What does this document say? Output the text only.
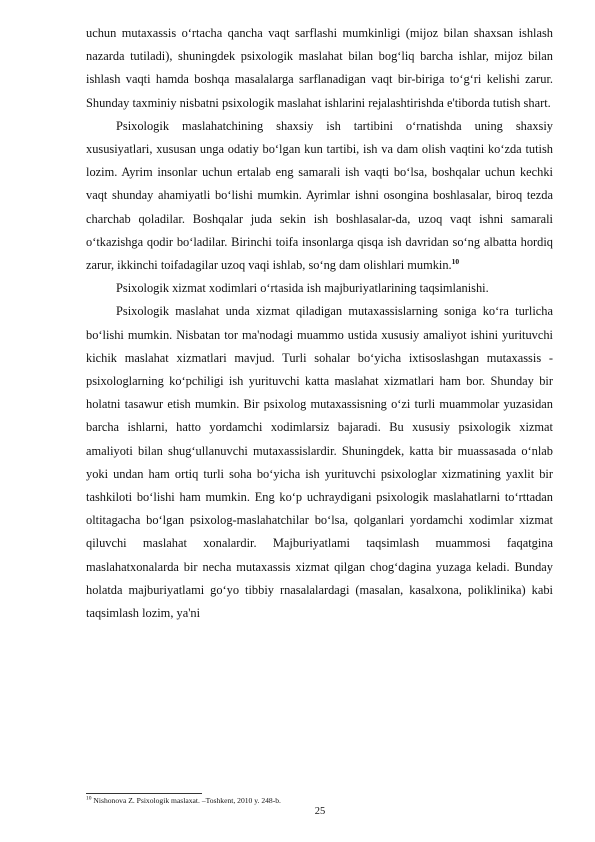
uchun mutaxassis o‘rtacha qancha vaqt sarflashi mumkinligi (mijoz bilan shaxsan ishlash nazarda tutiladi), shuningdek psixologik maslahat bilan bog‘liq barcha ishlar, mijoz bilan ishlash vaqti hamda boshqa masalalarga sarflanadigan vaqt bir-biriga to‘g‘ri kelishi zarur. Shunday taxminiy nisbatni psixologik maslahat ishlarini rejalashtirishda e'tiborda tutish shart.

Psixologik maslahatchining shaxsiy ish tartibini o‘rnatishda uning shaxsiy xususiyatlari, xususan unga odatiy bo‘lgan kun tartibi, ish va dam olish vaqtini ko‘zda tutish lozim. Ayrim insonlar uchun ertalab eng samarali ish vaqti bo‘lsa, boshqalar uchun kechki vaqt shunday ahamiyatli bo‘lishi mumkin. Ayrimlar ishni osongina boshlasalar, biroq tezda charchab qoladilar. Boshqalar juda sekin ish boshlasalar-da, uzoq vaqt ishni samarali o‘tkazishga qodir bo‘ladilar. Birinchi toifa insonlarga qisqa ish davridan so‘ng albatta hordiq zarur, ikkinchi toifadagilar uzoq vaqi ishlab, so‘ng dam olishlari mumkin.$^{10}$

Psixologik xizmat xodimlari o‘rtasida ish majburiyatlarining taqsimlanishi.

Psixologik maslahat unda xizmat qiladigan mutaxassislarning soniga ko‘ra turlicha bo‘lishi mumkin. Nisbatan tor ma'nodagi muammo ustida xususiy amaliyot ishini yurituvchi kichik maslahat xizmatlari mavjud. Turli sohalar bo‘yicha ixtisoslashgan mutaxassis - psixologlarning ko‘pchiligi ish yurituvchi katta maslahat xizmatlari ham bor. Shunday bir holatni tasawur etish mumkin. Bir psixolog mutaxassisning o‘zi turli muammolar yuzasidan barcha ishlarni, hatto yordamchi xodimlarsiz bajaradi. Bu xususiy psixologik xizmat amaliyoti bilan shug‘ullanuvchi mutaxassislardir. Shuningdek, katta bir muassasada o‘nlab yoki undan ham ortiq turli soha bo‘yicha ish yurituvchi psixologlar xizmatining yaxlit bir tashkiloti bo‘lishi ham mumkin. Eng ko‘p uchraydigani psixologik maslahatlarni to‘rttadan oltitagacha bo‘lgan psixolog-maslahatchilar bo‘lsa, qolganlari yordamchi xodimlar xizmat qiluvchi maslahat xonalardir. Majburiyatlami taqsimlash muammosi faqatgina maslahatxonalarda bir necha mutaxassis xizmat qilgan chog‘dagina yuzaga keladi. Bunday holatda majburiyatlami go‘yo tibbiy rnasalalardagi (masalan, kasalxona, poliklinika) kabi taqsimlash lozim, ya'ni

$^{10}$ Nishonova Z. Psixologik maslaxat. –Toshkent, 2010 y. 248-b.
25
